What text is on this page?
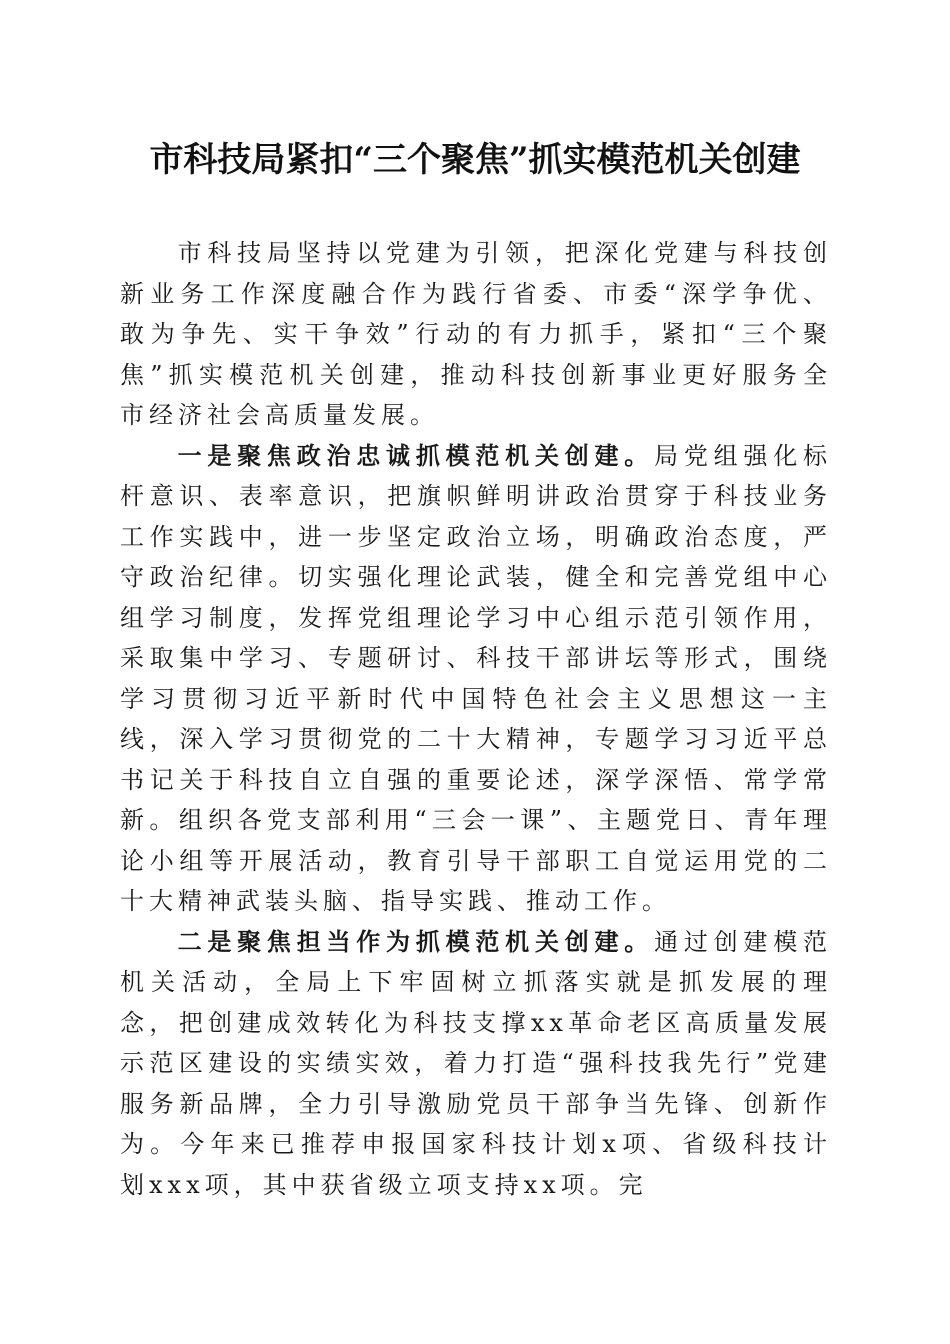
市科技局紧扣“三个聚焦”抓实模范机关创建

市科技局坚持以党建为引领，把深化党建与科技创新业务工作深度融合作为践行省委、市委“深学争优、敢为争先、实干争效”行动的有力抓手，紧扣“三个聚焦”抓实模范机关创建，推动科技创新事业更好服务全市经济社会高质量发展。

一是聚焦政治忠诚抓模范机关创建。局党组强化标杆意识、表率意识，把旗帜鲜明讲政治贯穿于科技业务工作实践中，进一步坚定政治立场，明确政治态度，严守政治纪律。切实强化理论武装，健全和完善党组中心组学习制度，发挥党组理论学习中心组示范引领作用，采取集中学习、专题研讨、科技干部讲坛等形式，围绕学习贯彻习近平新时代中国特色社会主义思想这一主线，深入学习贯彻党的二十大精神，专题学习习近平总书记关于科技自立自强的重要论述，深学深悟、常学常新。组织各党支部利用“三会一课”、主题党日、青年理论小组等开展活动，教育引导干部职工自觉运用党的二十大精神武装头脑、指导实践、推动工作。

二是聚焦担当作为抓模范机关创建。通过创建模范机关活动，全局上下牢固树立抓落实就是抓发展的理念，把创建成效转化为科技支撑xx革命老区高质量发展示范区建设的实绩实效，着力打造“强科技我先行”党建服务新品牌，全力引导激励党员干部争当先锋、创新作为。今年来已推荐申报国家科技计划x项、省级科技计划xxx项，其中获省级立项支持xx项。完
